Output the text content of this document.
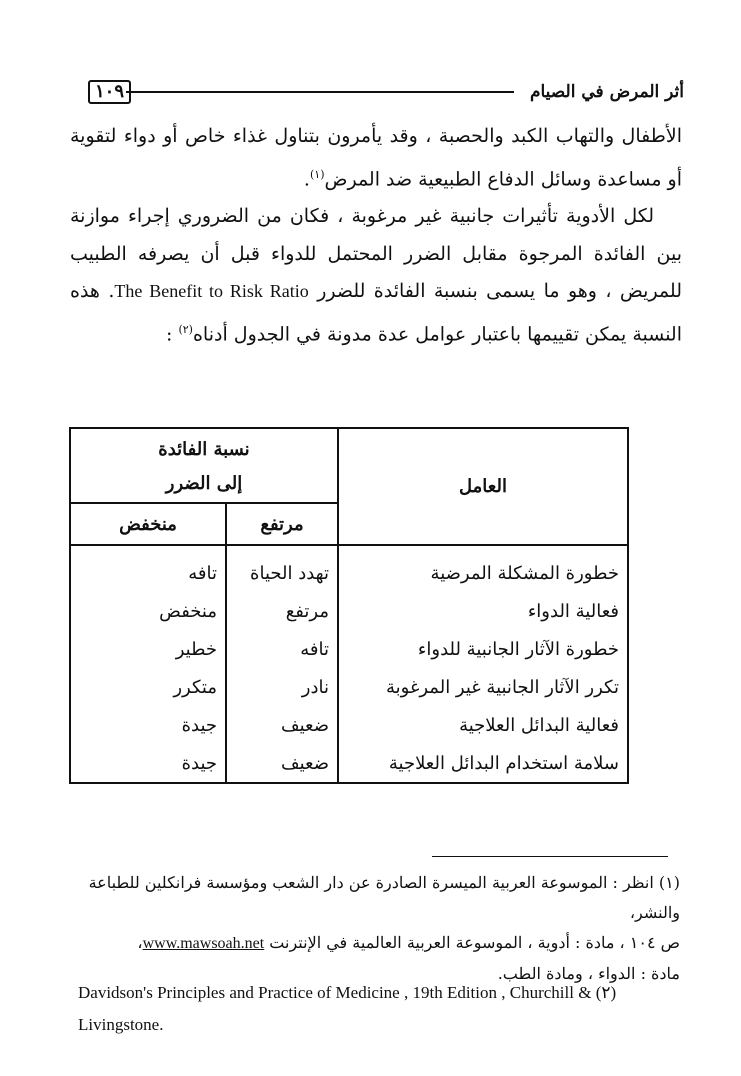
١٠٩	أثر المرض في الصيام

الأطفال والتهاب الكبد والحصبة ، وقد يأمرون بتناول غذاء خاص أو دواء لتقوية أو مساعدة وسائل الدفاع الطبيعية ضد المرض$^{(١)}$.

لكل الأدوية تأثيرات جانبية غير مرغوبة ، فكان من الضروري إجراء موازنة بين الفائدة المرجوة مقابل الضرر المحتمل للدواء قبل أن يصرفه الطبيب للمريض ، وهو ما يسمى بنسبة الفائدة للضرر The Benefit to Risk Ratio. هذه النسبة يمكن تقييمها باعتبار عوامل عدة مدونة في الجدول أدناه$^{(٢)}$ :

العامل	نسبة الفائدة
إلى الضرر	

	مرتفع	منخفض
خطورة المشكلة المرضية	تهدد الحياة	تافه
فعالية الدواء	مرتفع	منخفض
خطورة الآثار الجانبية للدواء	تافه	خطير
تكرر الآثار الجانبية غير المرغوبة	نادر	متكرر
فعالية البدائل العلاجية	ضعيف	جيدة
سلامة استخدام البدائل العلاجية	ضعيف	جيدة

(١) انظر : الموسوعة العربية الميسرة الصادرة عن دار الشعب ومؤسسة فرانكلين للطباعة والنشر،

ص ١٠٤ ، مادة : أدوية ، الموسوعة العربية العالمية في الإنترنت www.mawsoah.net،

مادة : الدواء ، ومادة الطب.

Davidson's Principles and Practice of Medicine , 19th Edition , Churchill & (٢)

Livingstone.
